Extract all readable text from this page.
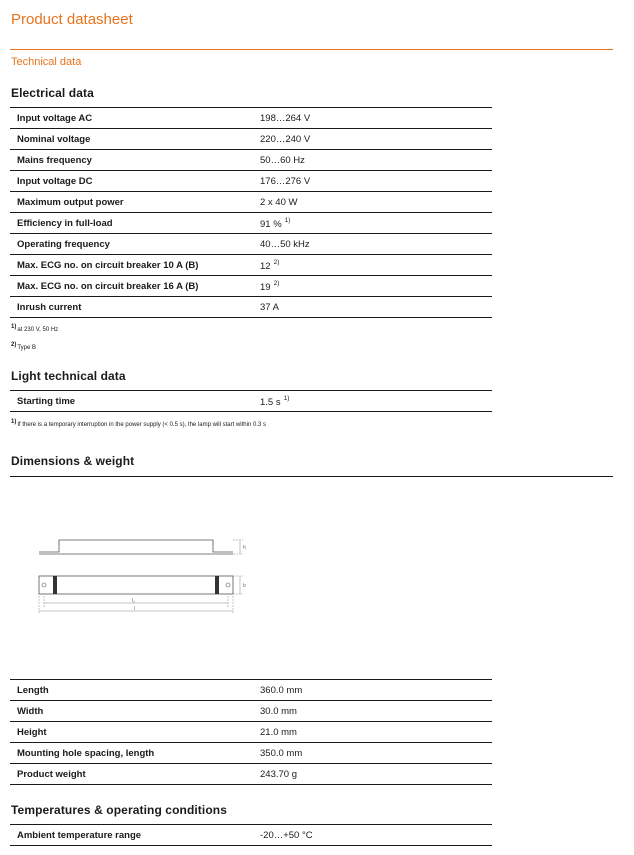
Product datasheet
Technical data
Electrical data
Input voltage AC	198…264 V
Nominal voltage	220…240 V
Mains frequency	50…60 Hz
Input voltage DC	176…276 V
Maximum output power	2 x 40 W
Efficiency in full-load	91 % $^{1)}$
Operating frequency	40…50 kHz
Max. ECG no. on circuit breaker 10 A (B)	12 $^{2)}$
Max. ECG no. on circuit breaker 16 A (B)	19 $^{2)}$
Inrush current	37 A
$^{1)}$at 230 V, 50 Hz
$^{2)}$Type B
Light technical data
Starting time	1.5 s $^{1)}$
$^{1)}$If there is a temporary interruption in the power supply (< 0.5 s), the lamp will start within 0.3 s
Dimensions & weight
h
b
l₁
l
Length	360.0 mm
Width	30.0 mm
Height	21.0 mm
Mounting hole spacing, length	350.0 mm
Product weight	243.70 g
Temperatures & operating conditions
Ambient temperature range	-20…+50 °C
